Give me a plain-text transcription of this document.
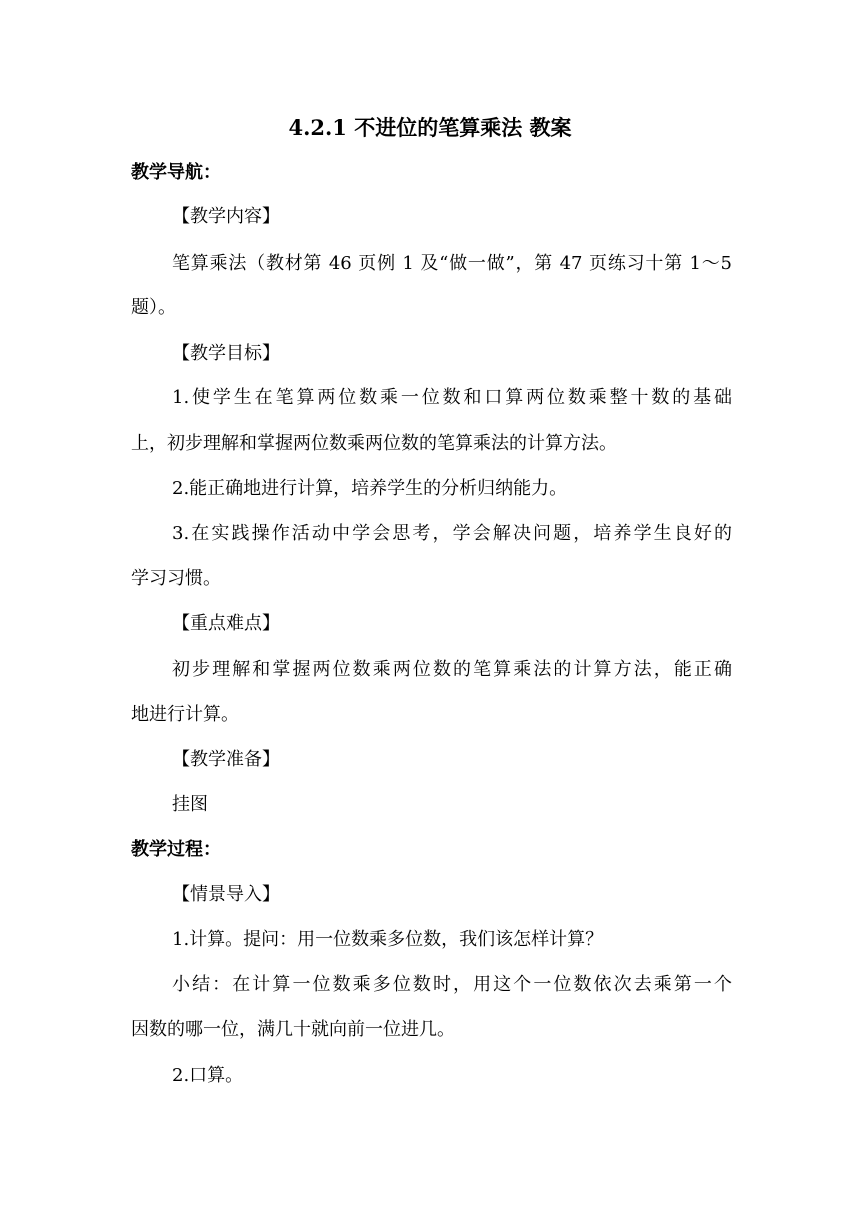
4.2.1 不进位的笔算乘法 教案
教学导航：
【教学内容】
笔算乘法（教材第 46 页例 1 及“做一做”，第 47 页练习十第 1～5
题）。
【教学目标】
1.使学生在笔算两位数乘一位数和口算两位数乘整十数的基础
上，初步理解和掌握两位数乘两位数的笔算乘法的计算方法。
2.能正确地进行计算，培养学生的分析归纳能力。
3.在实践操作活动中学会思考，学会解决问题，培养学生良好的
学习习惯。
【重点难点】
初步理解和掌握两位数乘两位数的笔算乘法的计算方法，能正确
地进行计算。
【教学准备】
挂图
教学过程：
【情景导入】
1.计算。提问：用一位数乘多位数，我们该怎样计算？
小结：在计算一位数乘多位数时，用这个一位数依次去乘第一个
因数的哪一位，满几十就向前一位进几。
2.口算。
